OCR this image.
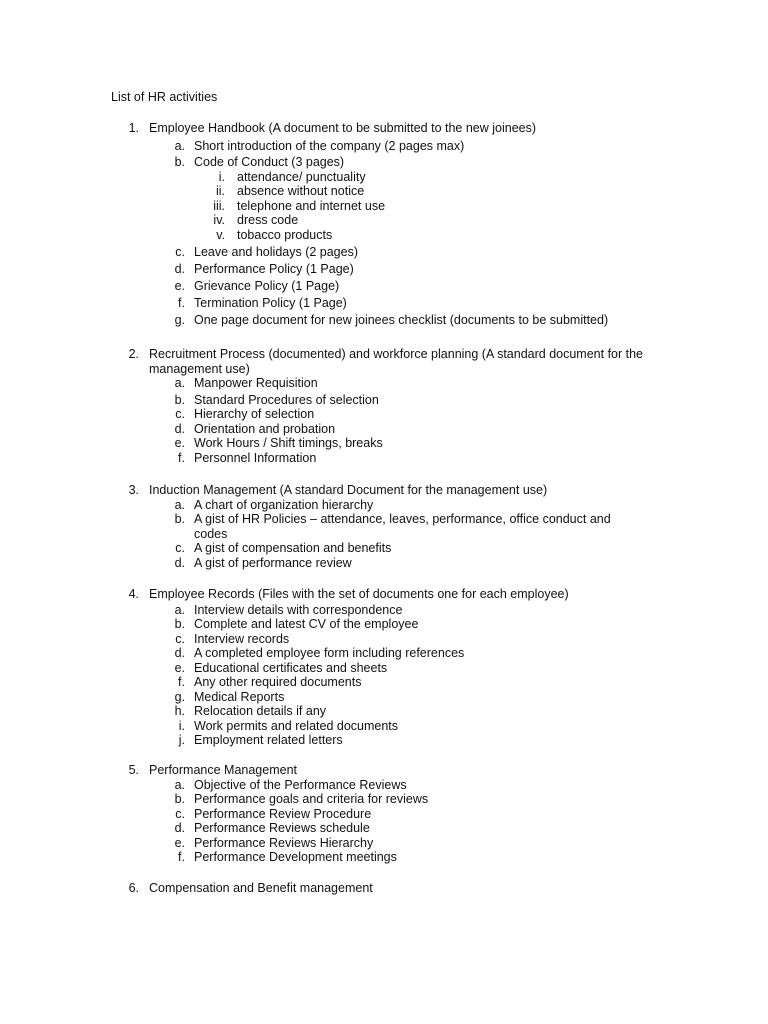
List of HR activities
1. Employee Handbook (A document to be submitted to the new joinees)
a. Short introduction of the company (2 pages max)
b. Code of Conduct (3 pages)
i. attendance/ punctuality
ii. absence without notice
iii. telephone and internet use
iv. dress code
v. tobacco products
c. Leave and holidays (2 pages)
d. Performance Policy (1 Page)
e. Grievance Policy (1 Page)
f. Termination Policy (1 Page)
g. One page document for new joinees checklist (documents to be submitted)
2. Recruitment Process (documented) and workforce planning (A standard document for the management use)
a. Manpower Requisition
b. Standard Procedures of selection
c. Hierarchy of selection
d. Orientation and probation
e. Work Hours / Shift timings, breaks
f. Personnel Information
3. Induction Management (A standard Document for the management use)
a. A chart of organization hierarchy
b. A gist of HR Policies – attendance, leaves, performance, office conduct and codes
c. A gist of compensation and benefits
d. A gist of performance review
4. Employee Records (Files with the set of documents one for each employee)
a. Interview details with correspondence
b. Complete and latest CV of the employee
c. Interview records
d. A completed employee form including references
e. Educational certificates and sheets
f. Any other required documents
g. Medical Reports
h. Relocation details if any
i. Work permits and related documents
j. Employment related letters
5. Performance Management
a. Objective of the Performance Reviews
b. Performance goals and criteria for reviews
c. Performance Review Procedure
d. Performance Reviews schedule
e. Performance Reviews Hierarchy
f. Performance Development meetings
6. Compensation and Benefit management
